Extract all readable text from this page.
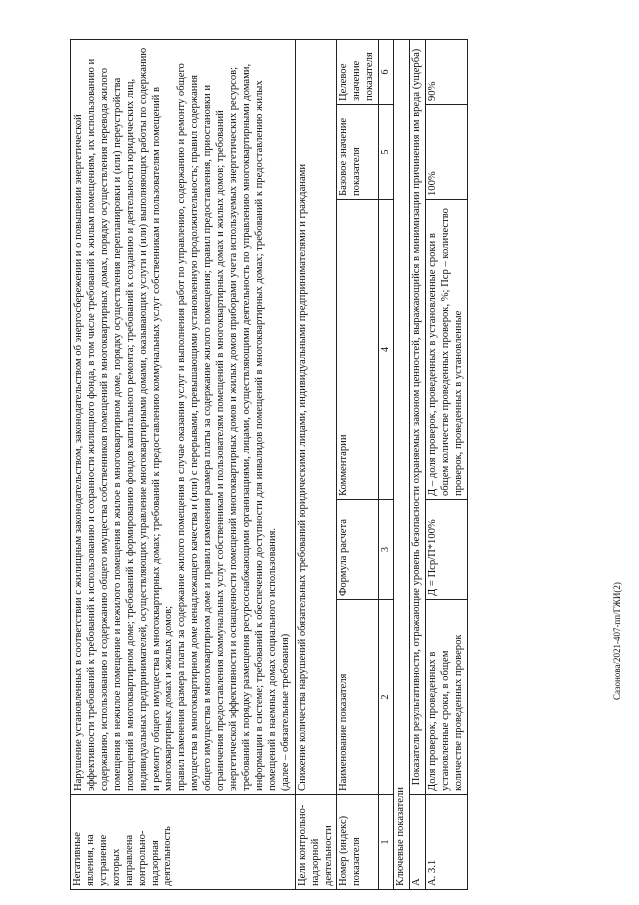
Негативные явления, на устранение которых направлена контрольно-надзорная деятельность	Нарушение установленных в соответствии с жилищным законодательством, законодательством об энергосбережении и о повышении энергетической эффективности требований к требований к использованию и сохранности жилищного фонда, в том числе требований к жилым помещениям, их использованию и содержанию, использованию и содержанию общего имущества собственников помещений в многоквартирных домах, порядку осуществления перевода жилого помещения в нежилое помещение и нежилого помещения в жилое в многоквартирном доме, порядку осуществления перепланировки и (или) переустройства помещений в многоквартирном доме; требований к формированию фондов капитального ремонта; требований к созданию и деятельности юридических лиц, индивидуальных предпринимателей, осуществляющих управление многоквартирными домами, оказывающих услуги и (или) выполняющих работы по содержанию и ремонту общего имущества в многоквартирных домах; требований к предоставлению коммунальных услуг собственникам и пользователям помещений в многоквартирных домах и жилых домов; правил изменения размера платы за содержание жилого помещения в случае оказания услуг и выполнения работ по управлению, содержанию и ремонту общего имущества в многоквартирном доме ненадлежащего качества и (или) с перерывами, превышающими установленную продолжительность; правил содержания общего имущества в многоквартирном доме и правил изменения размера платы за содержание жилого помещения; правил предоставления, приостановки и ограничения предоставления коммунальных услуг собственникам и пользователям помещений в многоквартирных домах и жилых домов; требований энергетической эффективности и оснащенности помещений многоквартирных домов и жилых домов приборами учета используемых энергетических ресурсов; требований к порядку размещения ресурсоснабжающими организациями, лицами, осуществляющими деятельность по управлению многоквартирными домами, информации в системе; требований к обеспечению доступности для инвалидов помещений в многоквартирных домах; требований к предоставлению жилых помещений в наемных домах социального использования. (далее – обязательные требования)				

Цели контрольно-надзорной деятельности	Снижение количества нарушений обязательных требований юридическими лицами, индивидуальными предпринимателями и гражданами				
Номер (индекс) показателя	Наименование показателя	Формула расчета	Комментарии	Базовое значение показателя	Целевое значение показателя
1	2	3	4	5	6
Ключевые показатели					
А	Показатели результативности, отражающие уровень безопасности охраняемых законом ценностей, выражающийся в минимизации причинения им вреда (ущерба)				
А. 3.1	Доля проверок, проведенных в установленные сроки, в общем количестве проведенных проверок	Д = Пср/П*100%	Д – доля проверок, проведенных в установленные сроки в общем количестве проведенных проверок, %; Пср – количество проверок, проведенных в установленные	100%	90%
Сазонова/2021-407-пп/ГЖИ(2)
